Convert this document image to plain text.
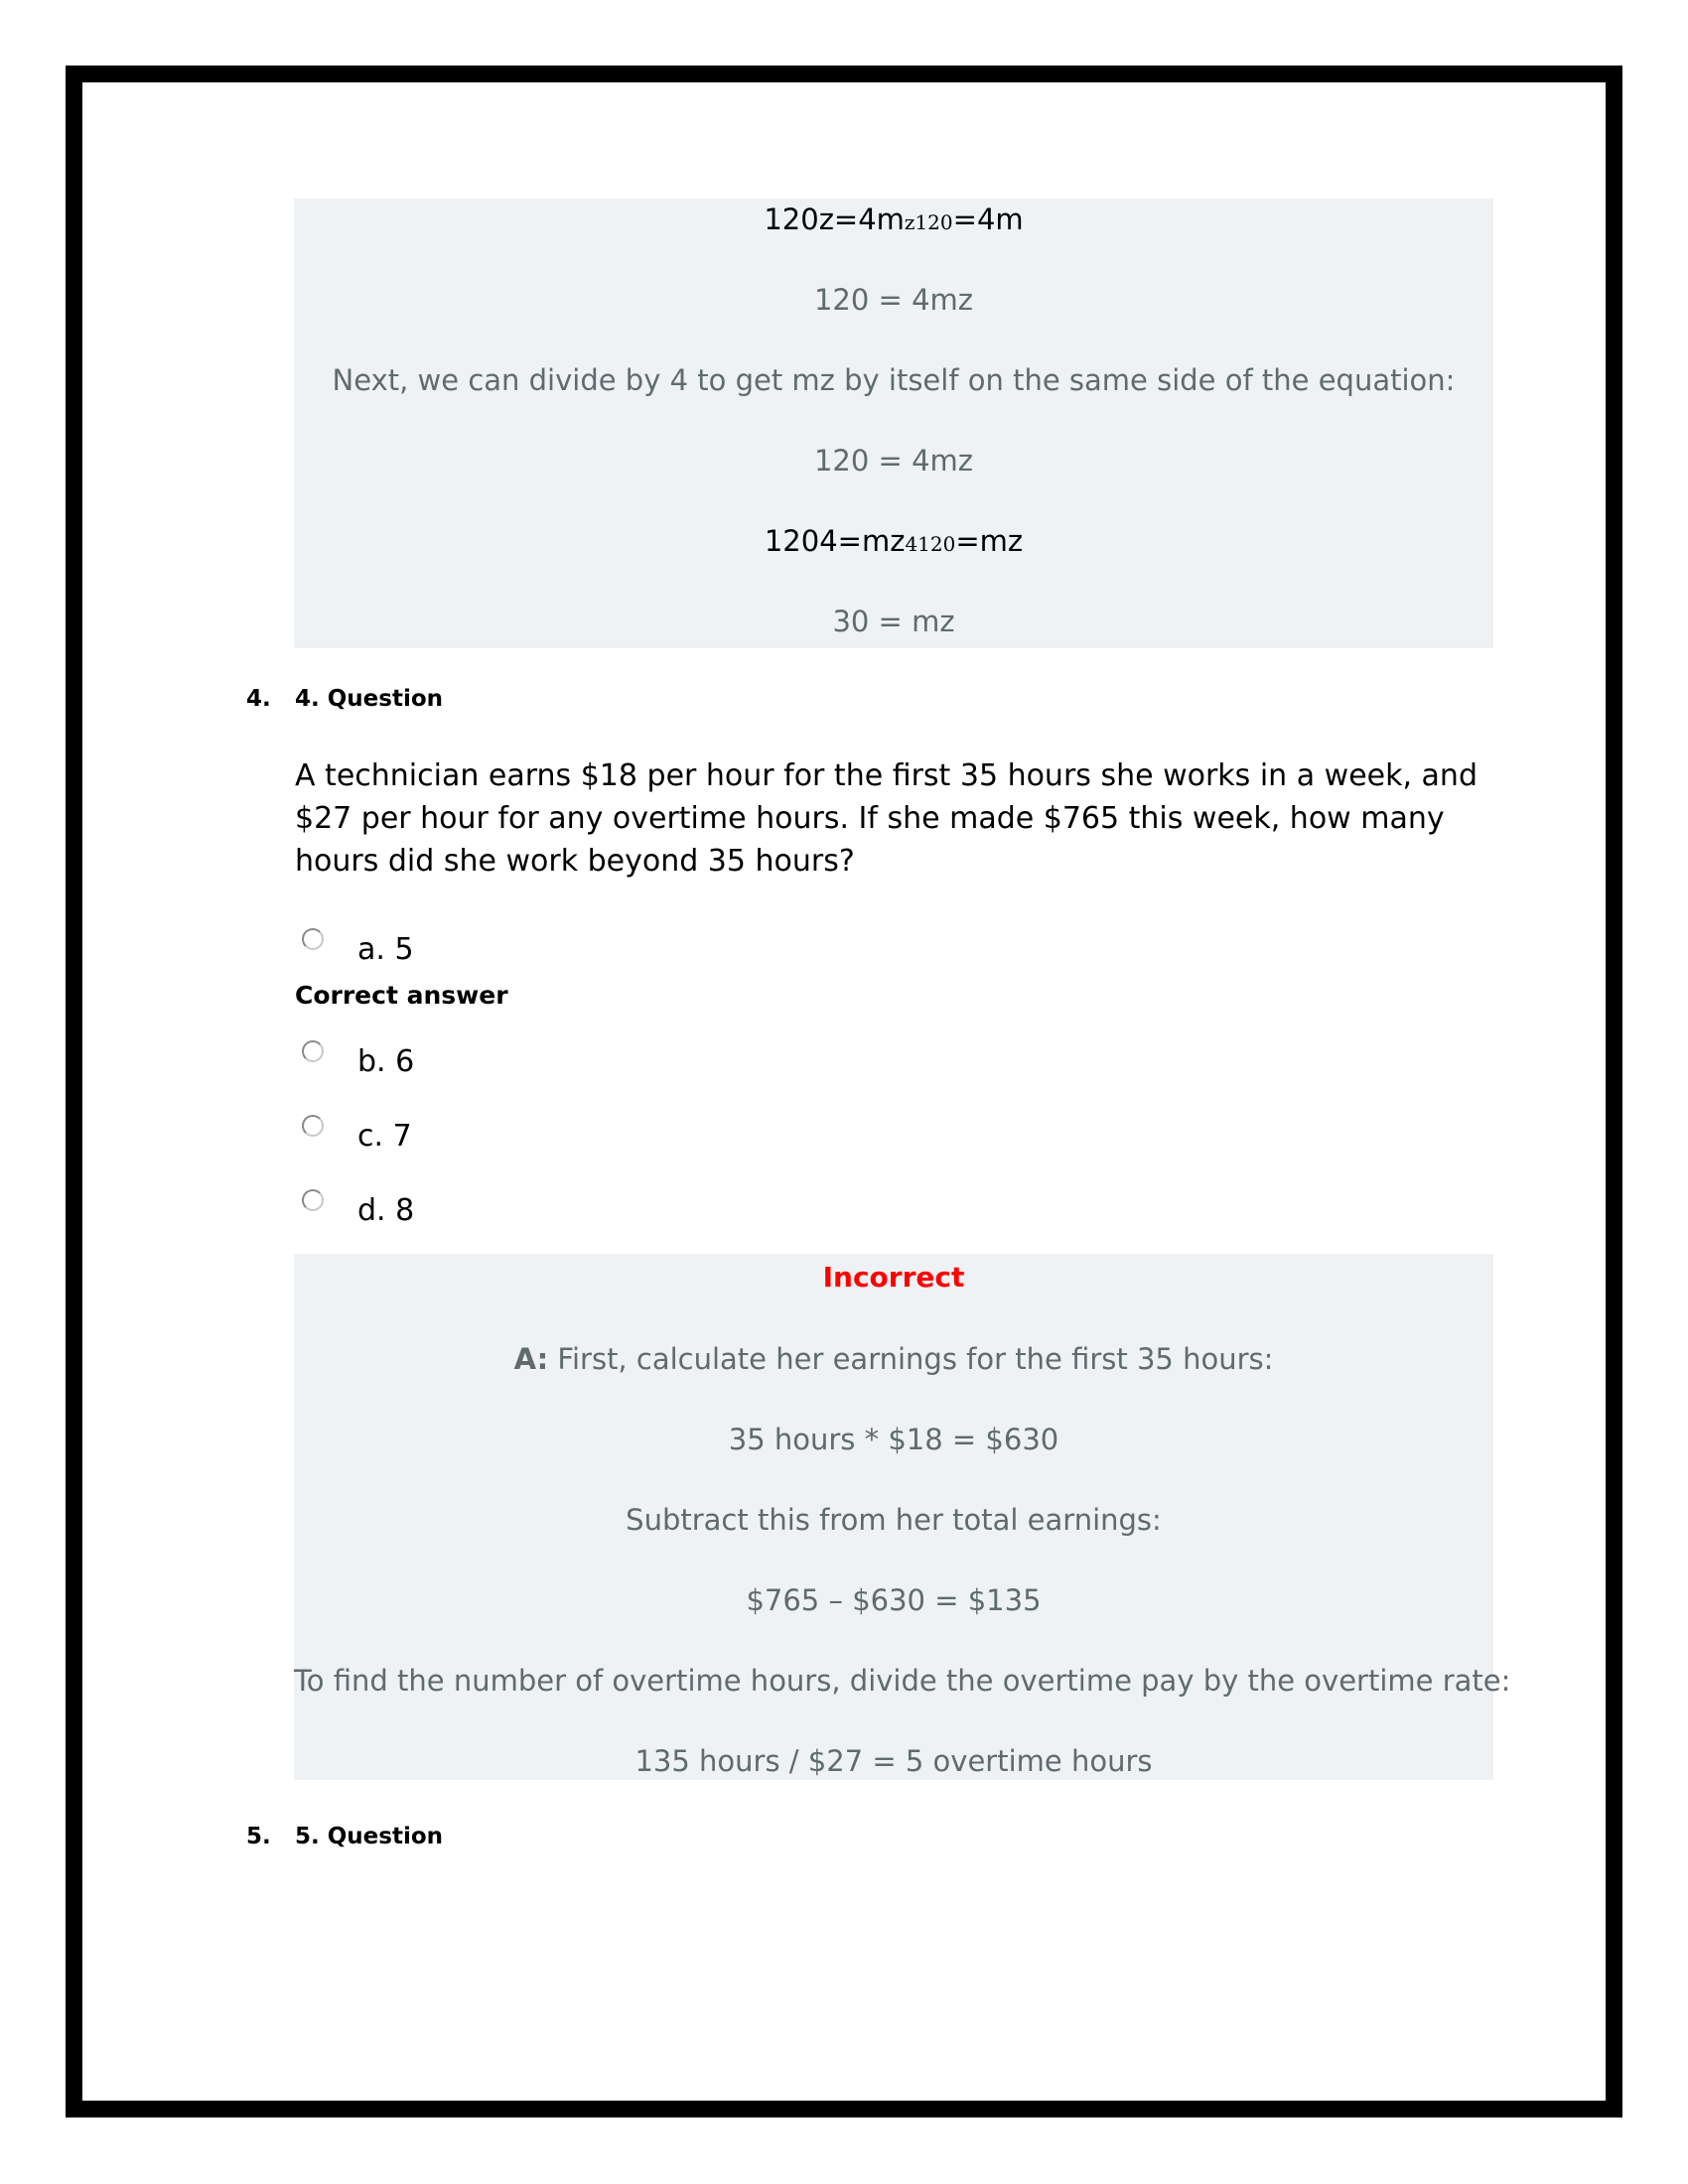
120z=4mz120=4m
120 = 4mz
Next, we can divide by 4 to get mz by itself on the same side of the equation:
120 = 4mz
1204=mz4120=mz
30 = mz
4. 4. Question
A technician earns $18 per hour for the first 35 hours she works in a week, and $27 per hour for any overtime hours. If she made $765 this week, how many hours did she work beyond 35 hours?
a. 5
Correct answer
b. 6
c. 7
d. 8
Incorrect
A: First, calculate her earnings for the first 35 hours:
35 hours * $18 = $630
Subtract this from her total earnings:
$765 – $630 = $135
To find the number of overtime hours, divide the overtime pay by the overtime rate:
135 hours / $27 = 5 overtime hours
5. 5. Question
